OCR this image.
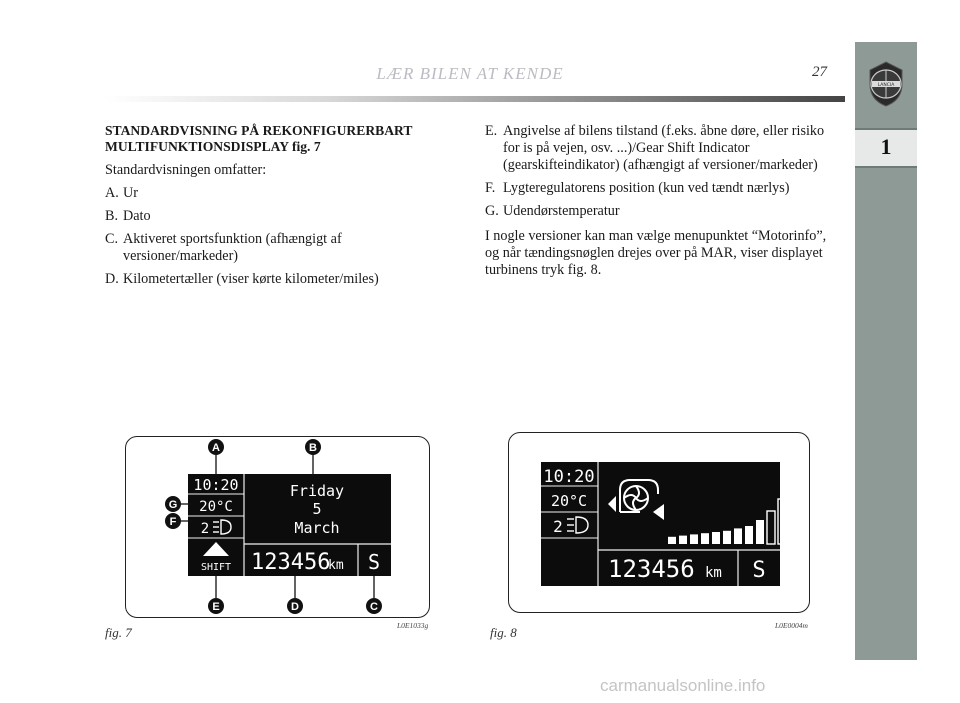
LÆR BILEN AT KENDE	27
LANCIA
1

STANDARDVISNING PÅ REKONFIGURERBART MULTIFUNKTIONSDISPLAY fig. 7

Standardvisningen omfatter:

A. Ur
B. Dato
C. Aktiveret sportsfunktion (afhængigt af versioner/markeder)
D. Kilometertæller (viser kørte kilometer/miles)
E. Angivelse af bilens tilstand (f.eks. åbne døre, eller risiko for is på vejen, osv. ...)/Gear Shift Indicator (gearskifteindikator) (afhængigt af versioner/markeder)
F. Lygteregulatorens position (kun ved tændt nærlys)
G. Udendørstemperatur

I nogle versioner kan man vælge menupunktet “Motorinfo”, og når tændingsnøglen drejes over på MAR, viser displayet turbinens tryk fig. 8.

10:20
20°C
2
SHIFT
Friday
5
March
123456
km S
A	B
C
D
E
F
G
fig. 7	L0E1033g
10:20
20°C
2
123456 km S
fig. 8	L0E0004m
carmanualsonline.info
